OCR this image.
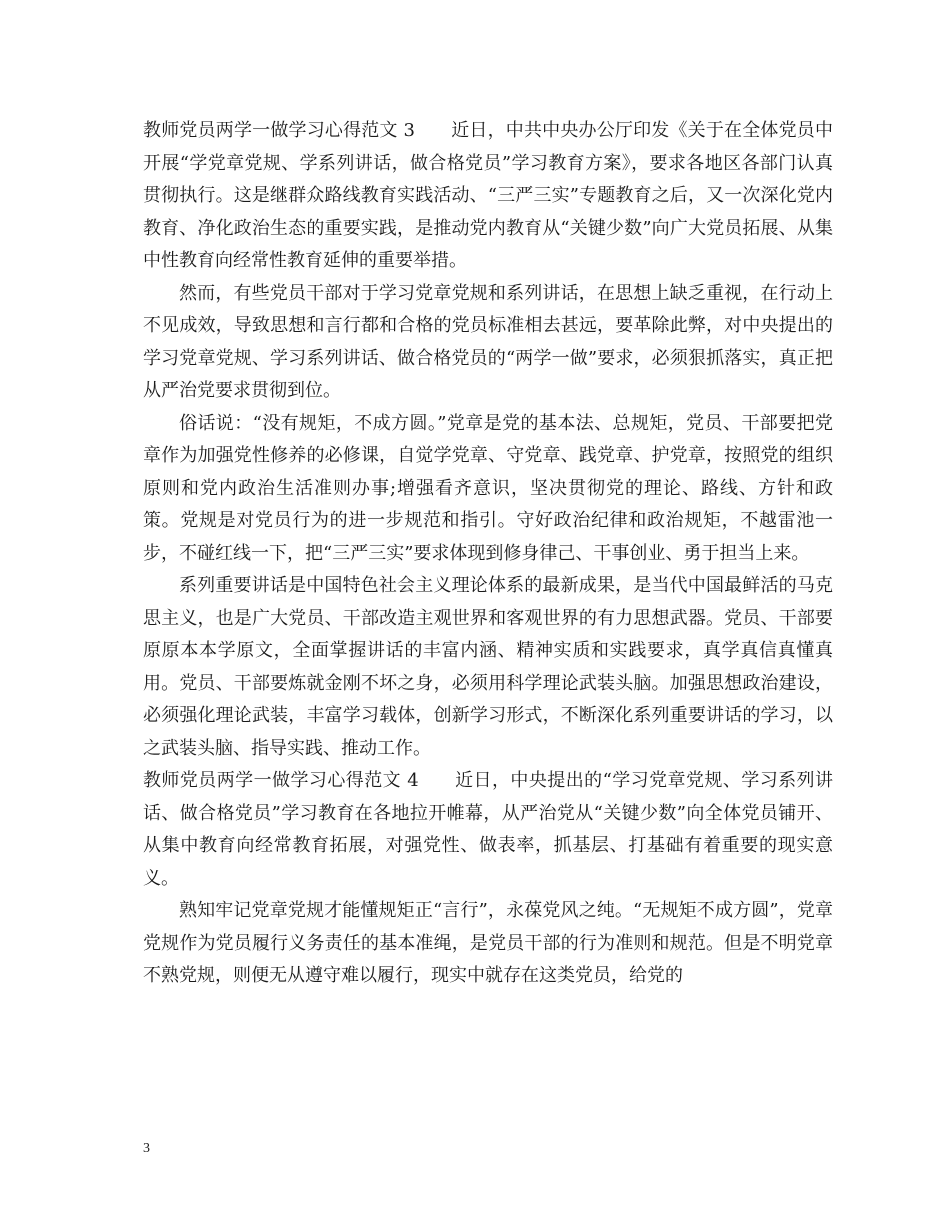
教师党员两学一做学习心得范文 3 近日，中共中央办公厅印发《关于在全体党员中开展“学党章党规、学系列讲话，做合格党员”学习教育方案》，要求各地区各部门认真贯彻执行。这是继群众路线教育实践活动、“三严三实”专题教育之后，又一次深化党内教育、净化政治生态的重要实践，是推动党内教育从“关键少数”向广大党员拓展、从集中性教育向经常性教育延伸的重要举措。

然而，有些党员干部对于学习党章党规和系列讲话，在思想上缺乏重视，在行动上不见成效，导致思想和言行都和合格的党员标准相去甚远，要革除此弊，对中央提出的学习党章党规、学习系列讲话、做合格党员的“两学一做”要求，必须狠抓落实，真正把从严治党要求贯彻到位。

俗话说：“没有规矩，不成方圆。”党章是党的基本法、总规矩，党员、干部要把党章作为加强党性修养的必修课，自觉学党章、守党章、践党章、护党章，按照党的组织原则和党内政治生活准则办事;增强看齐意识，坚决贯彻党的理论、路线、方针和政策。党规是对党员行为的进一步规范和指引。守好政治纪律和政治规矩，不越雷池一步，不碰红线一下，把“三严三实”要求体现到修身律己、干事创业、勇于担当上来。

系列重要讲话是中国特色社会主义理论体系的最新成果，是当代中国最鲜活的马克思主义，也是广大党员、干部改造主观世界和客观世界的有力思想武器。党员、干部要原原本本学原文，全面掌握讲话的丰富内涵、精神实质和实践要求，真学真信真懂真用。党员、干部要炼就金刚不坏之身，必须用科学理论武装头脑。加强思想政治建设，必须强化理论武装，丰富学习载体，创新学习形式，不断深化系列重要讲话的学习，以之武装头脑、指导实践、推动工作。

教师党员两学一做学习心得范文 4 近日，中央提出的“学习党章党规、学习系列讲话、做合格党员”学习教育在各地拉开帷幕，从严治党从“关键少数”向全体党员铺开、从集中教育向经常教育拓展，对强党性、做表率，抓基层、打基础有着重要的现实意义。

熟知牢记党章党规才能懂规矩正“言行”，永葆党风之纯。“无规矩不成方圆”，党章党规作为党员履行义务责任的基本准绳，是党员干部的行为准则和规范。但是不明党章不熟党规，则便无从遵守难以履行，现实中就存在这类党员，给党的

3
